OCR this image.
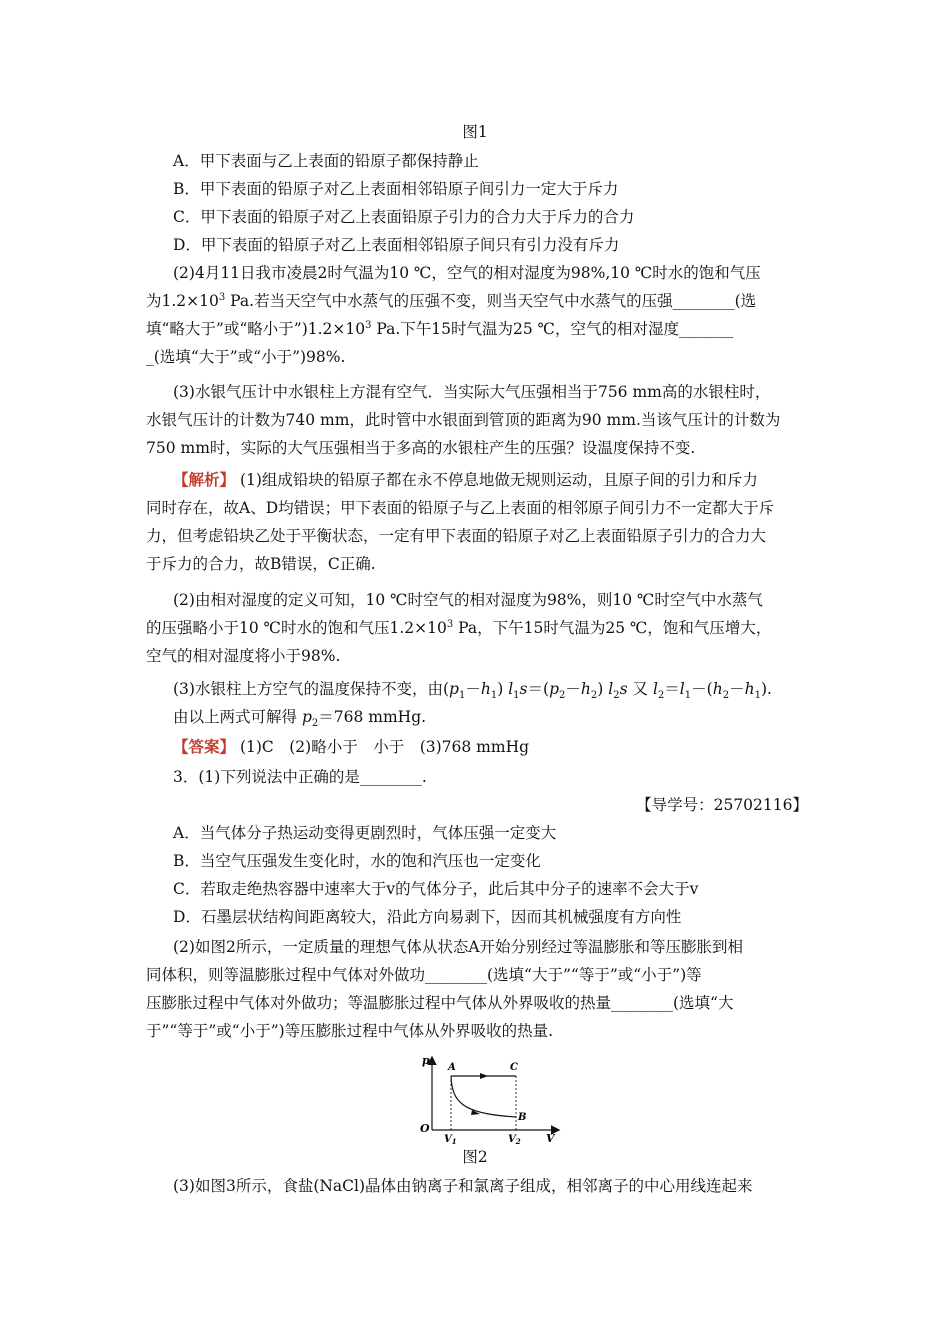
图1
A．甲下表面与乙上表面的铅原子都保持静止
B．甲下表面的铅原子对乙上表面相邻铅原子间引力一定大于斥力
C．甲下表面的铅原子对乙上表面铅原子引力的合力大于斥力的合力
D．甲下表面的铅原子对乙上表面相邻铅原子间只有引力没有斥力
(2)4月11日我市凌晨2时气温为10 ℃，空气的相对湿度为98%,10 ℃时水的饱和气压
为$1.2\times 10^3$ Pa.若当天空气中水蒸气的压强不变，则当天空气中水蒸气的压强________(选
填“略大于”或“略小于$”)1.2\times 10^3$ Pa.下午15时气温为25 ℃，空气的相对湿度_______
_(选填“大于”或“小于”)98%.
(3)水银气压计中水银柱上方混有空气．当实际大气压强相当于756 mm高的水银柱时，
水银气压计的计数为740 mm，此时管中水银面到管顶的距离为90 mm.当该气压计的计数为
750 mm时，实际的大气压强相当于多高的水银柱产生的压强？设温度保持不变.
【解析】 (1)组成铅块的铅原子都在永不停息地做无规则运动，且原子间的引力和斥力
同时存在，故A、D均错误；甲下表面的铅原子与乙上表面的相邻原子间引力不一定都大于斥
力，但考虑铅块乙处于平衡状态，一定有甲下表面的铅原子对乙上表面铅原子引力的合力大
于斥力的合力，故B错误，C正确.
(2)由相对湿度的定义可知，10 ℃时空气的相对湿度为98%，则10 ℃时空气中水蒸气
的压强略小于10 ℃时水的饱和气压$1.2\times 10^3$ Pa，下午15时气温为25 ℃，饱和气压增大，
空气的相对湿度将小于98%.
(3)水银柱上方空气的温度保持不变，由$(p_1-h_1)$ $l_1s=(p_2-h_2)$ $l_2s$ 又 $l_2=l_1-(h_2-h_1)$.
由以上两式可解得 $p_2=768$ mmHg.
【答案】 (1)C　(2)略小于　小于　(3)768 mmHg
3．(1)下列说法中正确的是________.
【导学号：25702116】
A．当气体分子热运动变得更剧烈时，气体压强一定变大
B．当空气压强发生变化时，水的饱和汽压也一定变化
C．若取走绝热容器中速率大于v的气体分子，此后其中分子的速率不会大于v
D．石墨层状结构间距离较大，沿此方向易剥下，因而其机械强度有方向性
(2)如图2所示，一定质量的理想气体从状态A开始分别经过等温膨胀和等压膨胀到相
同体积，则等温膨胀过程中气体对外做功________(选填“大于”“等于”或“小于”)等
压膨胀过程中气体对外做功；等温膨胀过程中气体从外界吸收的热量________(选填“大
于”“等于”或“小于”)等压膨胀过程中气体从外界吸收的热量.
p
V
O
A	C
B
$V_1$	$V_2$
图2
(3)如图3所示，食盐(NaCl)晶体由钠离子和氯离子组成，相邻离子的中心用线连起来
